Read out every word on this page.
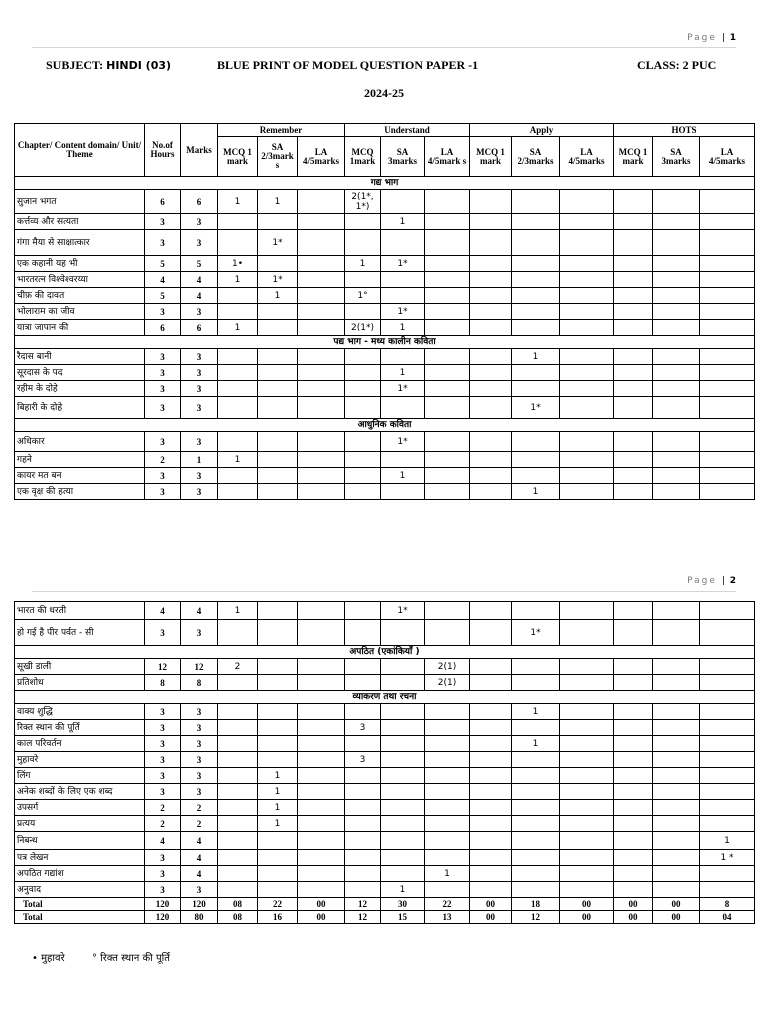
Page | 1
SUBJECT: HINDI (03)	BLUE PRINT OF MODEL QUESTION PAPER -1	CLASS: 2 PUC
2024-25
Chapter/ Content domain/ Unit/ Theme	No.of Hours	Marks	Remember			Understand			Apply			HOTS		
			MCQ 1 mark	SA 2/3mark s	LA 4/5marks	MCQ 1mark	SA 3marks	LA 4/5mark s	MCQ 1 mark	SA 2/3marks	LA 4/5marks	MCQ 1 mark	SA 3marks	LA 4/5marks
गद्य भाग														
सुजान भगत	6	6	1	1		2(1*, 1*)								
कर्त्तव्य और सत्यता	3	3					1							
गंगा मैया से साक्षात्कार	3	3		1*										
एक कहानी यह भी	5	5	1•			1	1*							
भारतरत्न विश्वेश्वरय्या	4	4	1	1*										
चीफ़ की दावत	5	4		1		1°								
भोलाराम का जीव	3	3					1*							
यात्रा जापान की	6	6	1			2(1*)	1							
पद्य भाग - मध्य कालीन कविता														
रैदास बानी	3	3								1				
सूरदास के पद	3	3					1							
रहीम के दोहे	3	3					1*							
बिहारी के दोहे	3	3								1*				
आधुनिक कविता														
अधिकार	3	3					1*							
गहने	2	1	1											
कायर मत बन	3	3					1							
एक वृक्ष की हत्या	3	3								1				
Page | 2
भारत की धरती	4	4	1				1*							
हो गई है पीर पर्वत - सी	3	3								1*				
अपठित (एकांकियाँ )														
सूखी डाली	12	12	2					2(1)						
प्रतिशोध	8	8						2(1)						
व्याकरण तथा रचना														
वाक्य शुद्धि	3	3								1				
रिक्त स्थान की पूर्ति	3	3				3								
काल परिवर्तन	3	3								1				
मुहावरे	3	3				3								
लिंग	3	3		1										
अनेक शब्दों के लिए एक शब्द	3	3		1										
उपसर्ग	2	2		1										
प्रत्यय	2	2		1										
निबन्ध	4	4												1
पत्र लेखन	3	4												1 *
अपठित गद्यांश	3	4						1						
अनुवाद	3	3					1							
Total	120	120	08	22	00	12	30	22	00	18	00	00	00	8
Total	120	80	08	16	00	12	15	13	00	12	00	00	00	04
• मुहावरे	° रिक्त स्थान की पूर्ति
